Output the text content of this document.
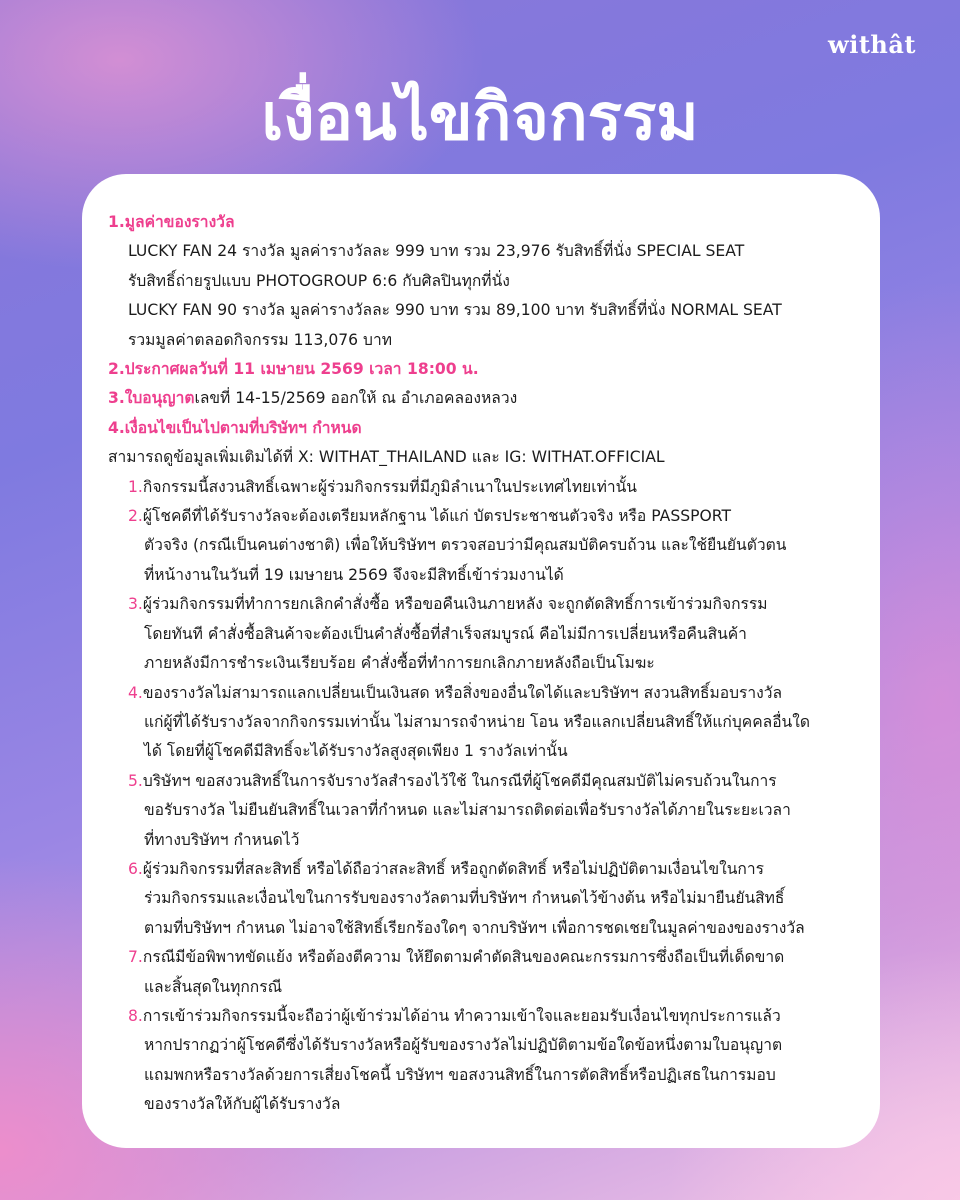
withât
เงื่อนไขกิจกรรม
1.มูลค่าของรางวัล
LUCKY FAN 24 รางวัล มูลค่ารางวัลละ 999 บาท รวม 23,976 รับสิทธิ์ที่นั่ง SPECIAL SEAT
รับสิทธิ์ถ่ายรูปแบบ PHOTOGROUP 6:6 กับศิลปินทุกที่นั่ง
LUCKY FAN 90 รางวัล มูลค่ารางวัลละ 990 บาท รวม 89,100 บาท รับสิทธิ์ที่นั่ง NORMAL SEAT
รวมมูลค่าตลอดกิจกรรม 113,076 บาท
2.ประกาศผลวันที่ 11 เมษายน 2569 เวลา 18:00 น.
3.ใบอนุญาตเลขที่ 14-15/2569 ออกให้ ณ อำเภอคลองหลวง
4.เงื่อนไขเป็นไปตามที่บริษัทฯ กำหนด
สามารถดูข้อมูลเพิ่มเติมได้ที่ X: WITHAT_THAILAND และ IG: WITHAT.OFFICIAL
1.กิจกรรมนี้สงวนสิทธิ์เฉพาะผู้ร่วมกิจกรรมที่มีภูมิลำเนาในประเทศไทยเท่านั้น
2.ผู้โชคดีที่ได้รับรางวัลจะต้องเตรียมหลักฐาน ได้แก่ บัตรประชาชนตัวจริง หรือ PASSPORT
ตัวจริง (กรณีเป็นคนต่างชาติ) เพื่อให้บริษัทฯ ตรวจสอบว่ามีคุณสมบัติครบถ้วน และใช้ยืนยันตัวตน
ที่หน้างานในวันที่ 19 เมษายน 2569 จึงจะมีสิทธิ์เข้าร่วมงานได้
3.ผู้ร่วมกิจกรรมที่ทำการยกเลิกคำสั่งซื้อ หรือขอคืนเงินภายหลัง จะถูกตัดสิทธิ์การเข้าร่วมกิจกรรม
โดยทันที คำสั่งซื้อสินค้าจะต้องเป็นคำสั่งซื้อที่สำเร็จสมบูรณ์ คือไม่มีการเปลี่ยนหรือคืนสินค้า
ภายหลังมีการชำระเงินเรียบร้อย คำสั่งซื้อที่ทำการยกเลิกภายหลังถือเป็นโมฆะ
4.ของรางวัลไม่สามารถแลกเปลี่ยนเป็นเงินสด หรือสิ่งของอื่นใดได้และบริษัทฯ สงวนสิทธิ์มอบรางวัล
แก่ผู้ที่ได้รับรางวัลจากกิจกรรมเท่านั้น ไม่สามารถจำหน่าย โอน หรือแลกเปลี่ยนสิทธิ์ให้แก่บุคคลอื่นใด
ได้ โดยที่ผู้โชคดีมีสิทธิ์จะได้รับรางวัลสูงสุดเพียง 1 รางวัลเท่านั้น
5.บริษัทฯ ขอสงวนสิทธิ์ในการจับรางวัลสำรองไว้ใช้ ในกรณีที่ผู้โชคดีมีคุณสมบัติไม่ครบถ้วนในการ
ขอรับรางวัล ไม่ยืนยันสิทธิ์ในเวลาที่กำหนด และไม่สามารถติดต่อเพื่อรับรางวัลได้ภายในระยะเวลา
ที่ทางบริษัทฯ กำหนดไว้
6.ผู้ร่วมกิจกรรมที่สละสิทธิ์ หรือได้ถือว่าสละสิทธิ์ หรือถูกตัดสิทธิ์ หรือไม่ปฏิบัติตามเงื่อนไขในการ
ร่วมกิจกรรมและเงื่อนไขในการรับของรางวัลตามที่บริษัทฯ กำหนดไว้ข้างต้น หรือไม่มายืนยันสิทธิ์
ตามที่บริษัทฯ กำหนด ไม่อาจใช้สิทธิ์เรียกร้องใดๆ จากบริษัทฯ เพื่อการชดเชยในมูลค่าของของรางวัล
7.กรณีมีข้อพิพาทขัดแย้ง หรือต้องตีความ ให้ยึดตามคำตัดสินของคณะกรรมการซึ่งถือเป็นที่เด็ดขาด
และสิ้นสุดในทุกกรณี
8.การเข้าร่วมกิจกรรมนี้จะถือว่าผู้เข้าร่วมได้อ่าน ทำความเข้าใจและยอมรับเงื่อนไขทุกประการแล้ว
หากปรากฏว่าผู้โชคดีซึ่งได้รับรางวัลหรือผู้รับของรางวัลไม่ปฏิบัติตามข้อใดข้อหนึ่งตามใบอนุญาต
แถมพกหรือรางวัลด้วยการเสี่ยงโชคนี้ บริษัทฯ ขอสงวนสิทธิ์ในการตัดสิทธิ์หรือปฏิเสธในการมอบ
ของรางวัลให้กับผู้ได้รับรางวัล
